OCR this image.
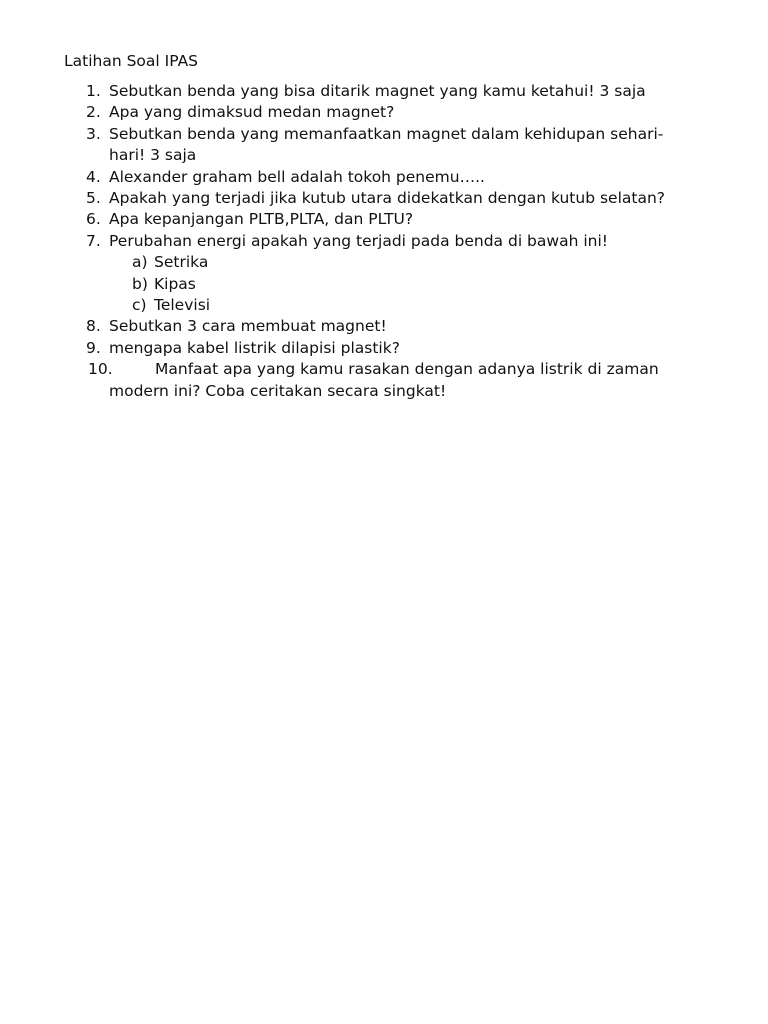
Latihan Soal IPAS
1. Sebutkan benda yang bisa ditarik magnet yang kamu ketahui! 3 saja
2. Apa yang dimaksud medan magnet?
3. Sebutkan benda yang memanfaatkan magnet dalam kehidupan sehari-
hari! 3 saja
4. Alexander graham bell adalah tokoh penemu…..
5. Apakah yang terjadi jika kutub utara didekatkan dengan kutub selatan?
6. Apa kepanjangan PLTB,PLTA, dan PLTU?
7. Perubahan energi apakah yang terjadi pada benda di bawah ini!
a) Setrika
b) Kipas
c) Televisi
8. Sebutkan 3 cara membuat magnet!
9. mengapa kabel listrik dilapisi plastik?
10.	Manfaat apa yang kamu rasakan dengan adanya listrik di zaman
modern ini? Coba ceritakan secara singkat!
